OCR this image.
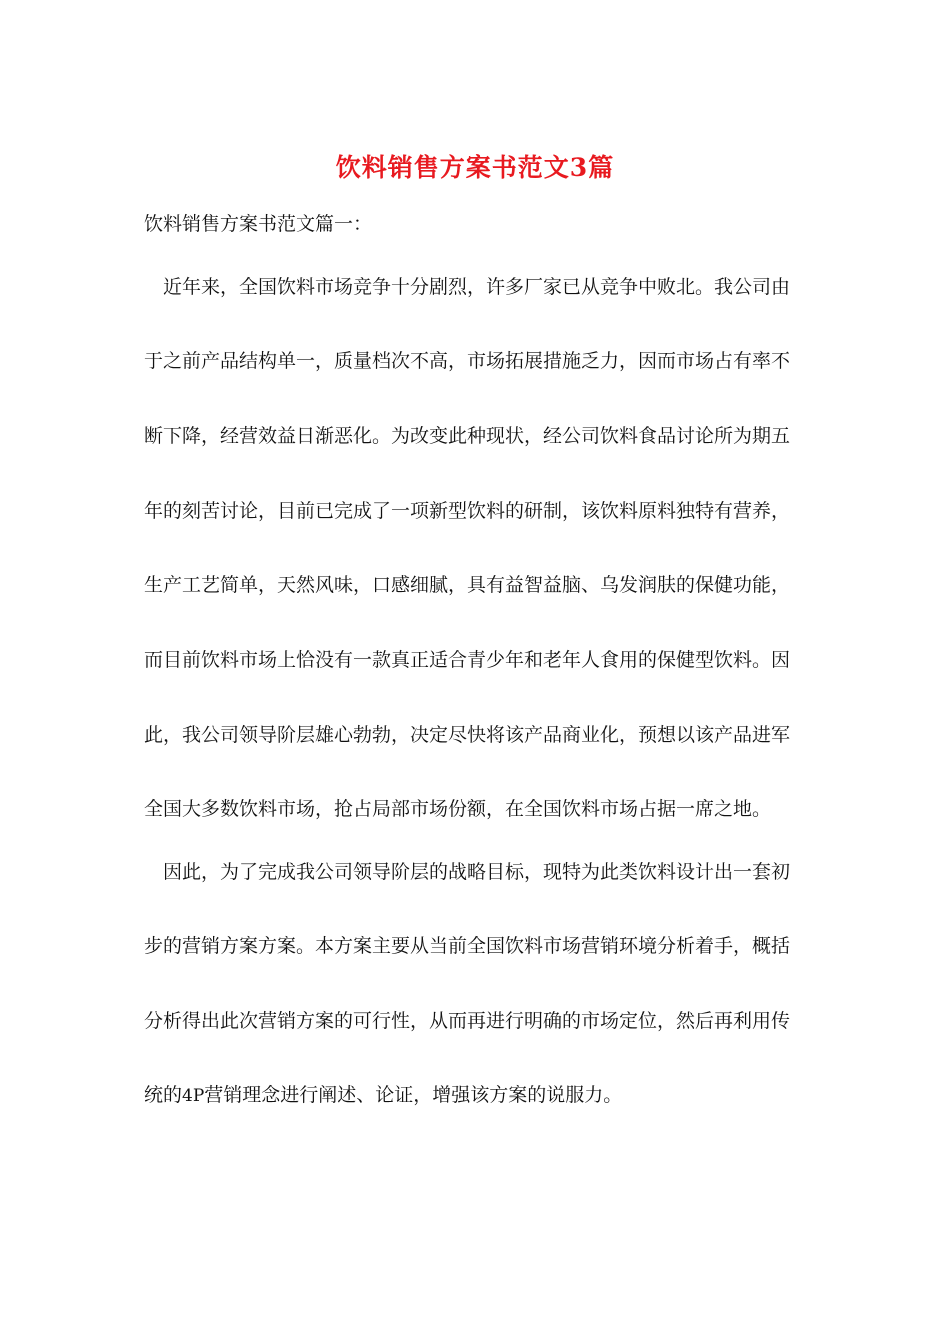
饮料销售方案书范文3篇
饮料销售方案书范文篇一：
近年来，全国饮料市场竞争十分剧烈，许多厂家已从竞争中败北。我公司由
于之前产品结构单一，质量档次不高，市场拓展措施乏力，因而市场占有率不
断下降，经营效益日渐恶化。为改变此种现状，经公司饮料食品讨论所为期五
年的刻苦讨论，目前已完成了一项新型饮料的研制，该饮料原料独特有营养，
生产工艺简单，天然风味，口感细腻，具有益智益脑、乌发润肤的保健功能，
而目前饮料市场上恰没有一款真正适合青少年和老年人食用的保健型饮料。因
此，我公司领导阶层雄心勃勃，决定尽快将该产品商业化，预想以该产品进军
全国大多数饮料市场，抢占局部市场份额，在全国饮料市场占据一席之地。
因此，为了完成我公司领导阶层的战略目标，现特为此类饮料设计出一套初
步的营销方案方案。本方案主要从当前全国饮料市场营销环境分析着手，概括
分析得出此次营销方案的可行性，从而再进行明确的市场定位，然后再利用传
统的4P营销理念进行阐述、论证，增强该方案的说服力。
